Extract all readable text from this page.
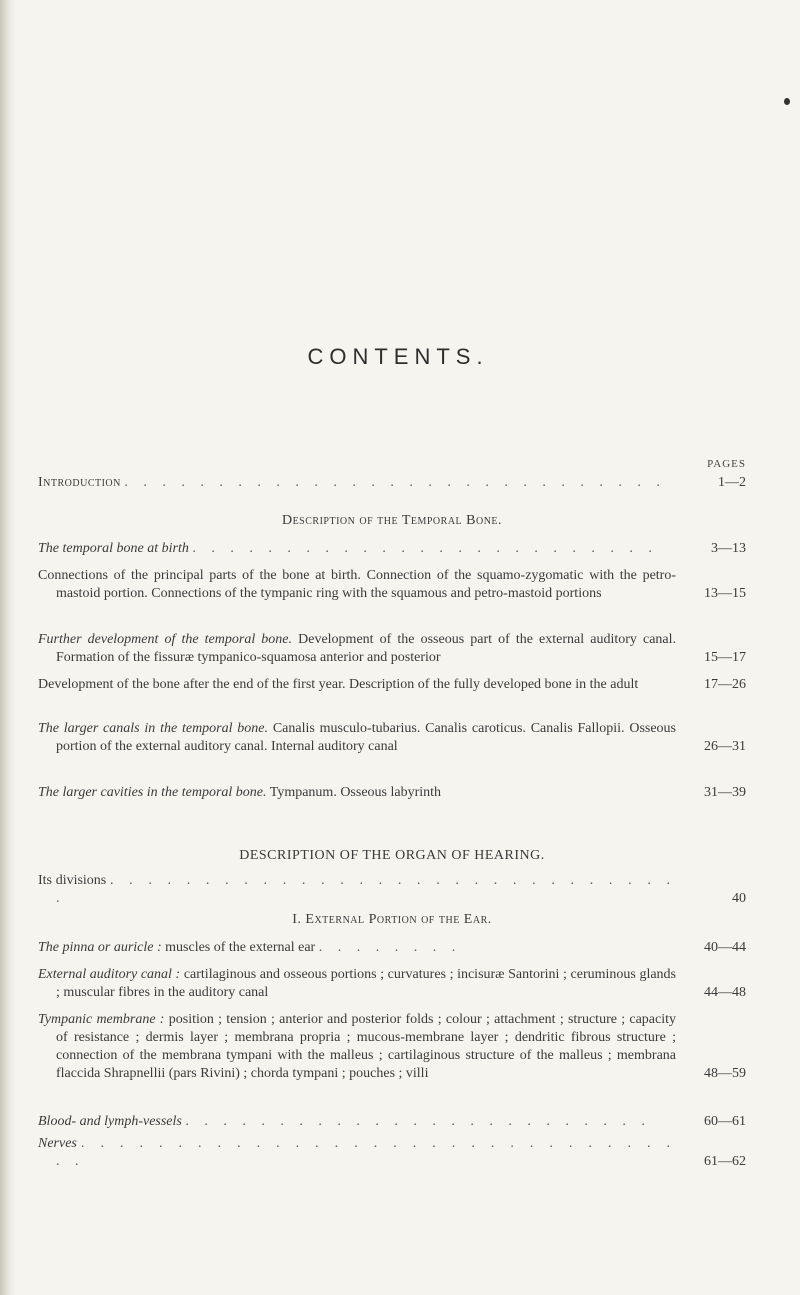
CONTENTS.
PAGES
Introduction . . . . . . . . . . . . . . . . . . . . . . . . . . . . .	1—2
Description of the Temporal Bone.
The temporal bone at birth . . . . . . . . . . . . . . . . . . . . . . . . .	3—13
Connections of the principal parts of the bone at birth. Connection of the squamo-zygomatic with the petro-mastoid portion. Connections of the tympanic ring with the squamous and petro-mastoid portions	13—15
Further development of the temporal bone. Development of the osseous part of the external auditory canal. Formation of the fissuræ tympanico-squamosa anterior and posterior	15—17
Development of the bone after the end of the first year. Description of the fully developed bone in the adult	17—26
The larger canals in the temporal bone. Canalis musculo-tubarius. Canalis caroticus. Canalis Fallopii. Osseous portion of the external auditory canal. Internal auditory canal	26—31
The larger cavities in the temporal bone. Tympanum. Osseous labyrinth	31—39
DESCRIPTION OF THE ORGAN OF HEARING.
Its divisions . . . . . . . . . . . . . . . . . . . . . . . . . . . . . . .	40
I. External Portion of the Ear.
The pinna or auricle : muscles of the external ear . . . . . . . .	40—44
External auditory canal : cartilaginous and osseous portions ; curvatures ; incisuræ Santorini ; ceruminous glands ; muscular fibres in the auditory canal	44—48
Tympanic membrane : position ; tension ; anterior and posterior folds ; colour ; attachment ; structure ; capacity of resistance ; dermis layer ; membrana propria ; mucous-membrane layer ; dendritic fibrous structure ; connection of the membrana tympani with the malleus ; cartilaginous structure of the malleus ; membrana flaccida Shrapnellii (pars Rivini) ; chorda tympani ; pouches ; villi	48—59
Blood- and lymph-vessels . . . . . . . . . . . . . . . . . . . . . . . . .	60—61
Nerves . . . . . . . . . . . . . . . . . . . . . . . . . . . . . . . . .	61—62
